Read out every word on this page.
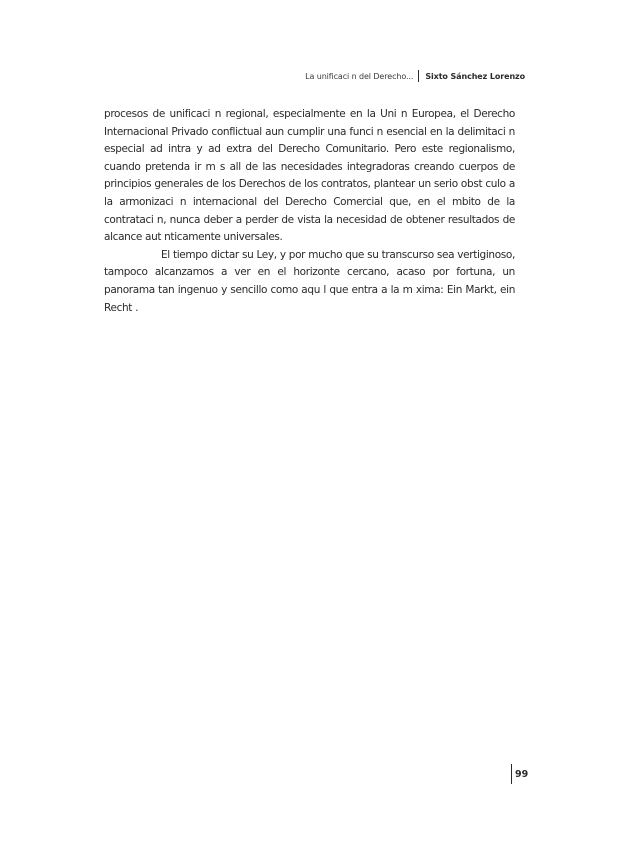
La unificaci n del Derecho... Sixto Sánchez Lorenzo

procesos de unificaci n regional, especialmente en la Uni n Europea, el Derecho Internacional Privado conflictual aun cumplir una funci n esencial en la delimitaci n especial ad intra y ad extra del Derecho Comunitario. Pero este regionalismo, cuando pretenda ir m s all de las necesidades integradoras creando cuerpos de principios generales de los Derechos de los contratos, plantear un serio obst culo a la armonizaci n internacional del Derecho Comercial que, en el mbito de la contrataci n, nunca deber a perder de vista la necesidad de obtener resultados de alcance aut nticamente universales.

El tiempo dictar su Ley, y por mucho que su transcurso sea vertiginoso, tampoco alcanzamos a ver en el horizonte cercano, acaso por fortuna, un panorama tan ingenuo y sencillo como aqu l que entra a la m xima: Ein Markt, ein Recht .

99
